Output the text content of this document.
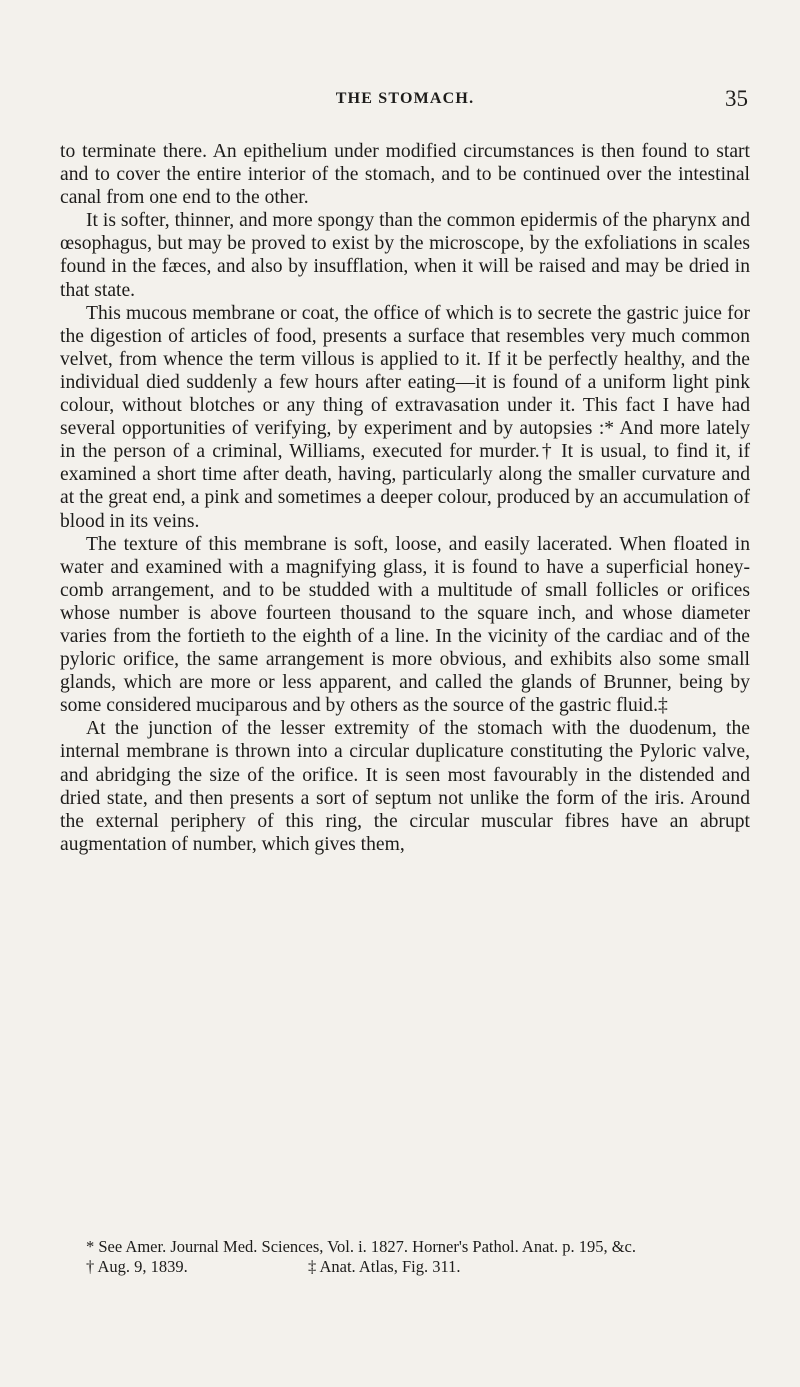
THE STOMACH.	35

to terminate there. An epithelium under modified circumstances is then found to start and to cover the entire interior of the stomach, and to be continued over the intestinal canal from one end to the other.

It is softer, thinner, and more spongy than the common epidermis of the pharynx and œsophagus, but may be proved to exist by the microscope, by the exfoliations in scales found in the fæces, and also by insufflation, when it will be raised and may be dried in that state.

This mucous membrane or coat, the office of which is to secrete the gastric juice for the digestion of articles of food, presents a surface that resembles very much common velvet, from whence the term villous is applied to it. If it be perfectly healthy, and the individual died suddenly a few hours after eating—it is found of a uniform light pink colour, without blotches or any thing of extravasation under it. This fact I have had several opportunities of verifying, by experiment and by autopsies :* And more lately in the person of a criminal, Williams, executed for murder.† It is usual, to find it, if examined a short time after death, having, particularly along the smaller curvature and at the great end, a pink and sometimes a deeper colour, produced by an accumulation of blood in its veins.

The texture of this membrane is soft, loose, and easily lacerated. When floated in water and examined with a magnifying glass, it is found to have a superficial honey-comb arrangement, and to be studded with a multitude of small follicles or orifices whose number is above fourteen thousand to the square inch, and whose diameter varies from the fortieth to the eighth of a line. In the vicinity of the cardiac and of the pyloric orifice, the same arrangement is more obvious, and exhibits also some small glands, which are more or less apparent, and called the glands of Brunner, being by some considered muciparous and by others as the source of the gastric fluid.‡

At the junction of the lesser extremity of the stomach with the duodenum, the internal membrane is thrown into a circular duplicature constituting the Pyloric valve, and abridging the size of the orifice. It is seen most favourably in the distended and dried state, and then presents a sort of septum not unlike the form of the iris. Around the external periphery of this ring, the circular muscular fibres have an abrupt augmentation of number, which gives them,

* See Amer. Journal Med. Sciences, Vol. i. 1827. Horner's Pathol. Anat. p. 195, &c.

† Aug. 9, 1839.	‡ Anat. Atlas, Fig. 311.
